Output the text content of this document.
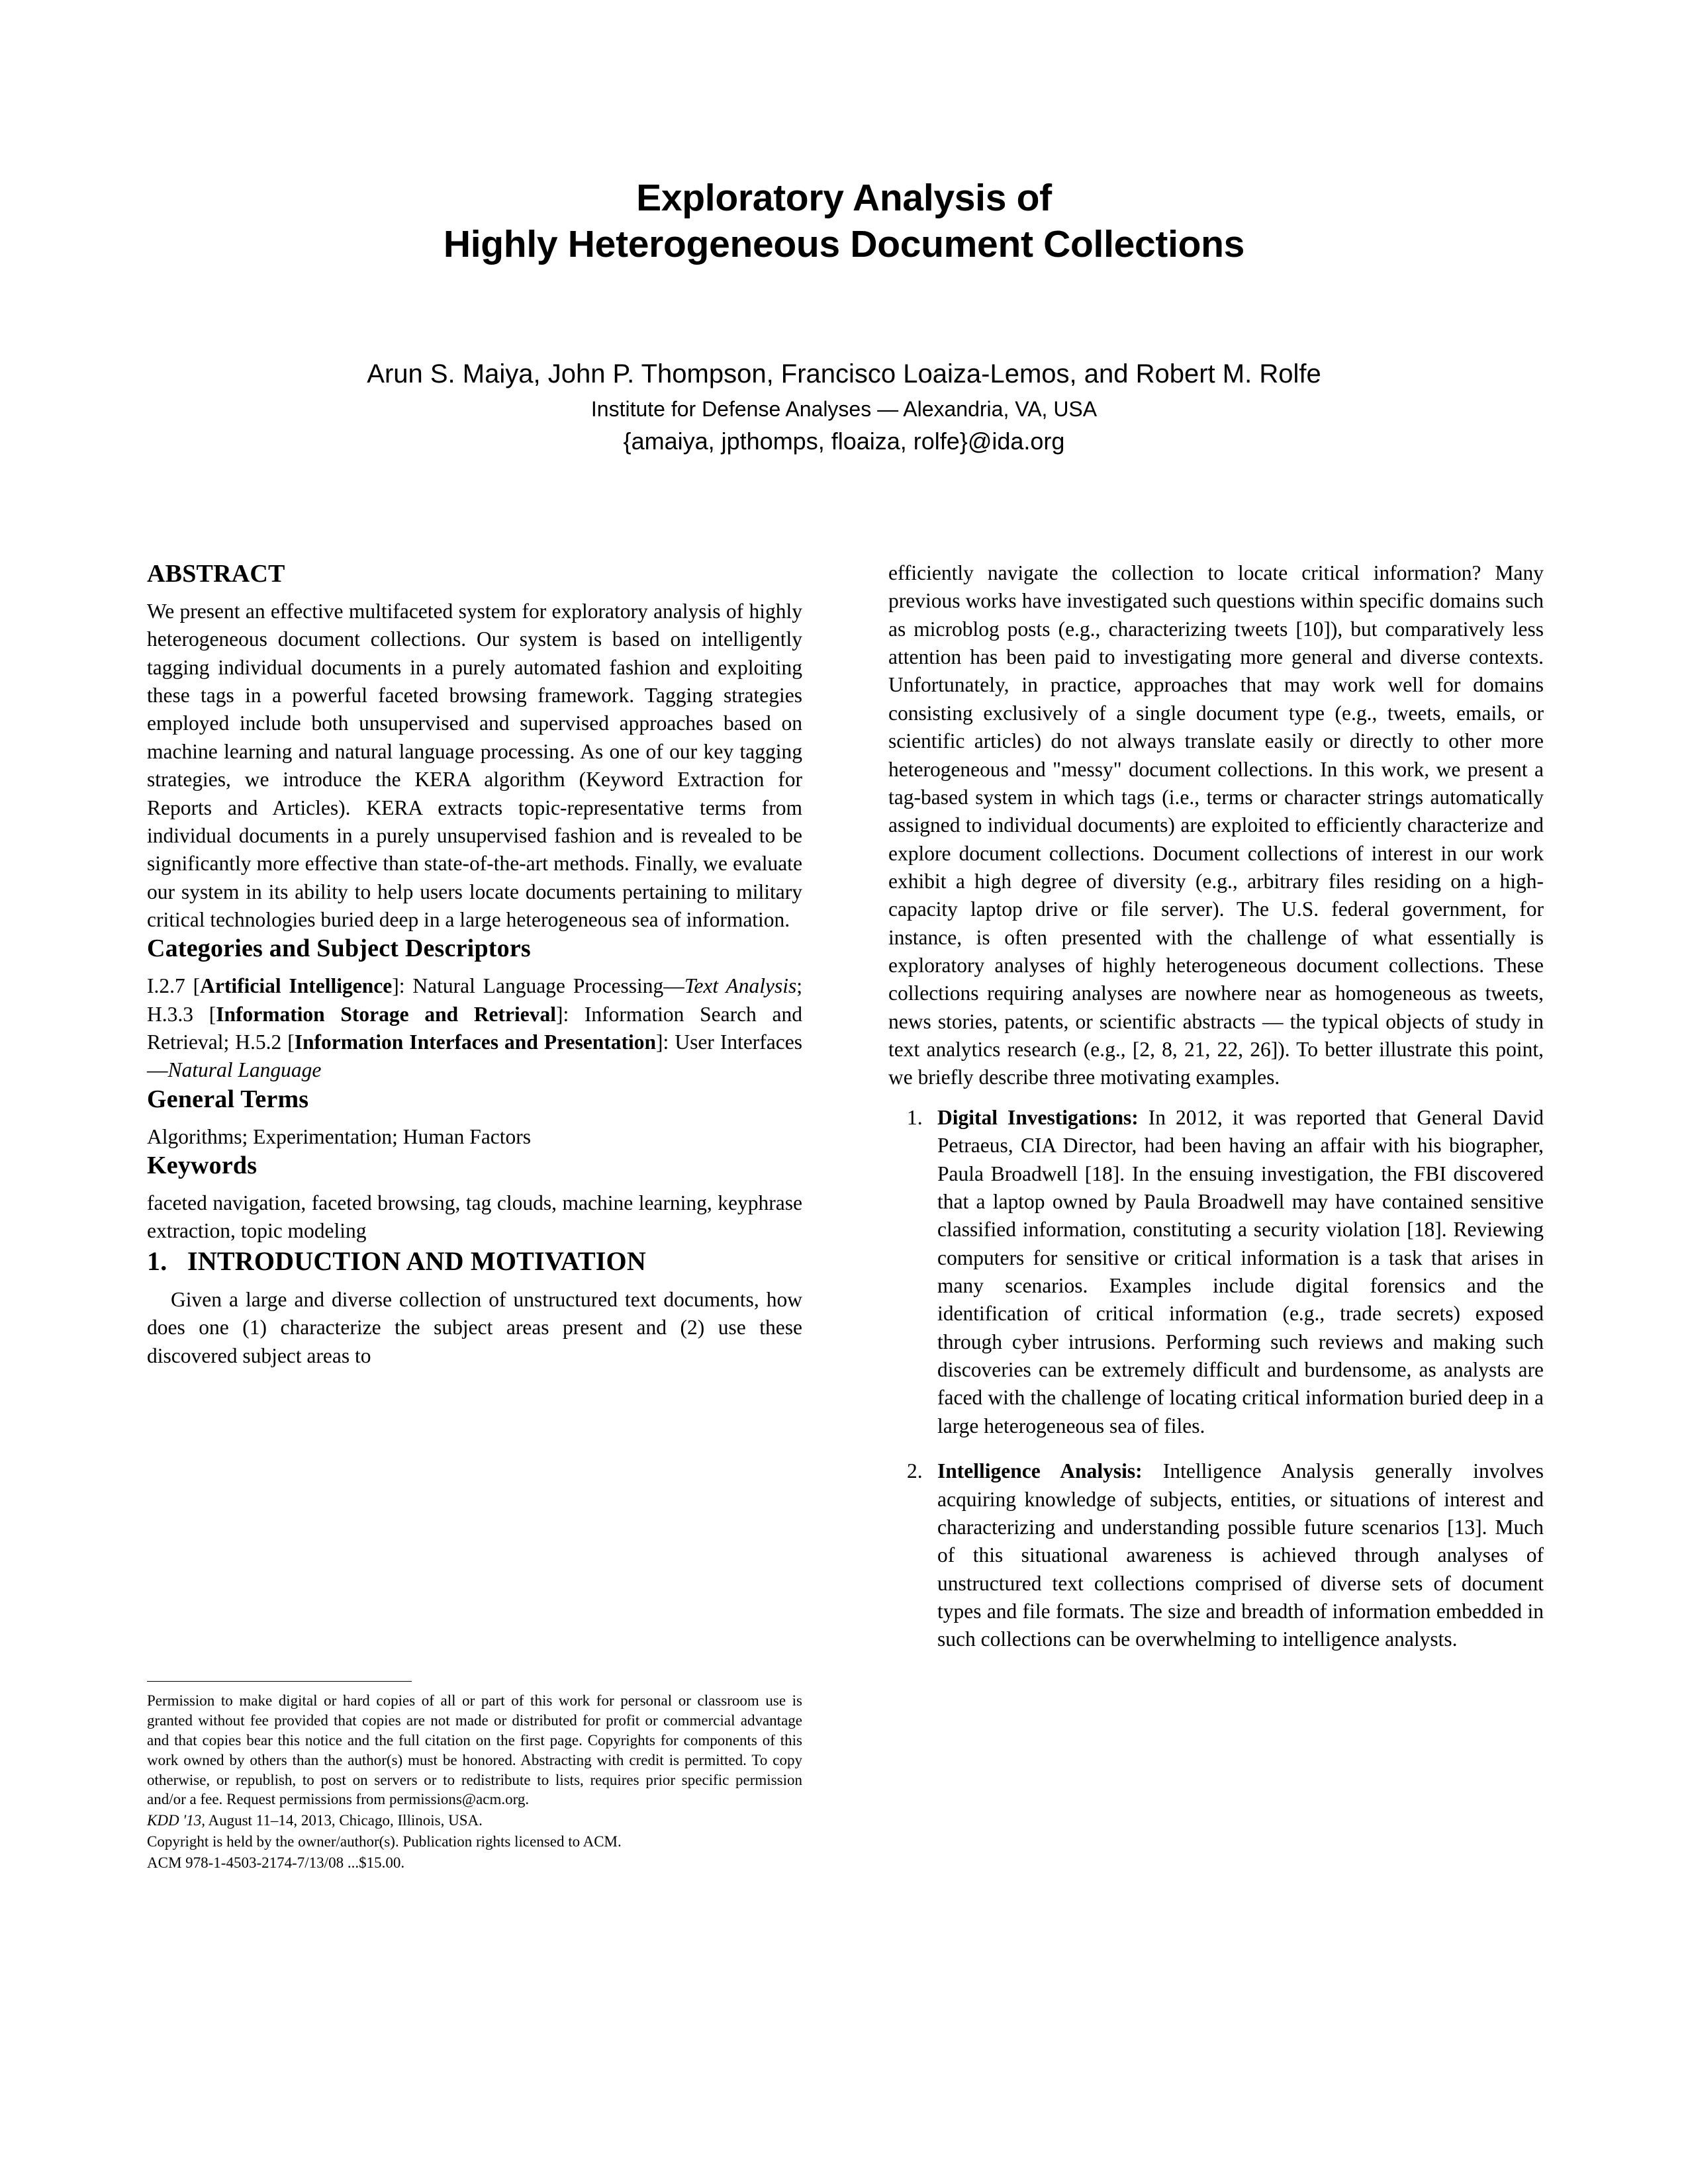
Exploratory Analysis of
Highly Heterogeneous Document Collections
Arun S. Maiya, John P. Thompson, Francisco Loaiza-Lemos, and Robert M. Rolfe
Institute for Defense Analyses — Alexandria, VA, USA
{amaiya, jpthomps, floaiza, rolfe}@ida.org
ABSTRACT

We present an effective multifaceted system for exploratory analysis of highly heterogeneous document collections. Our system is based on intelligently tagging individual documents in a purely automated fashion and exploiting these tags in a powerful faceted browsing framework. Tagging strategies employed include both unsupervised and supervised approaches based on machine learning and natural language processing. As one of our key tagging strategies, we introduce the KERA algorithm (Keyword Extraction for Reports and Articles). KERA extracts topic-representative terms from individual documents in a purely unsupervised fashion and is revealed to be significantly more effective than state-of-the-art methods. Finally, we evaluate our system in its ability to help users locate documents pertaining to military critical technologies buried deep in a large heterogeneous sea of information.

Categories and Subject Descriptors

I.2.7 [Artificial Intelligence]: Natural Language Processing—Text Analysis; H.3.3 [Information Storage and Retrieval]: Information Search and Retrieval; H.5.2 [Information Interfaces and Presentation]: User Interfaces—Natural Language

General Terms

Algorithms; Experimentation; Human Factors

Keywords

faceted navigation, faceted browsing, tag clouds, machine learning, keyphrase extraction, topic modeling

1. INTRODUCTION AND MOTIVATION

Given a large and diverse collection of unstructured text documents, how does one (1) characterize the subject areas present and (2) use these discovered subject areas to

efficiently navigate the collection to locate critical information? Many previous works have investigated such questions within specific domains such as microblog posts (e.g., characterizing tweets [10]), but comparatively less attention has been paid to investigating more general and diverse contexts. Unfortunately, in practice, approaches that may work well for domains consisting exclusively of a single document type (e.g., tweets, emails, or scientific articles) do not always translate easily or directly to other more heterogeneous and "messy" document collections. In this work, we present a tag-based system in which tags (i.e., terms or character strings automatically assigned to individual documents) are exploited to efficiently characterize and explore document collections. Document collections of interest in our work exhibit a high degree of diversity (e.g., arbitrary files residing on a high-capacity laptop drive or file server). The U.S. federal government, for instance, is often presented with the challenge of what essentially is exploratory analyses of highly heterogeneous document collections. These collections requiring analyses are nowhere near as homogeneous as tweets, news stories, patents, or scientific abstracts — the typical objects of study in text analytics research (e.g., [2, 8, 21, 22, 26]). To better illustrate this point, we briefly describe three motivating examples.

Digital Investigations: In 2012, it was reported that General David Petraeus, CIA Director, had been having an affair with his biographer, Paula Broadwell [18]. In the ensuing investigation, the FBI discovered that a laptop owned by Paula Broadwell may have contained sensitive classified information, constituting a security violation [18]. Reviewing computers for sensitive or critical information is a task that arises in many scenarios. Examples include digital forensics and the identification of critical information (e.g., trade secrets) exposed through cyber intrusions. Performing such reviews and making such discoveries can be extremely difficult and burdensome, as analysts are faced with the challenge of locating critical information buried deep in a large heterogeneous sea of files.
Intelligence Analysis: Intelligence Analysis generally involves acquiring knowledge of subjects, entities, or situations of interest and characterizing and understanding possible future scenarios [13]. Much of this situational awareness is achieved through analyses of unstructured text collections comprised of diverse sets of document types and file formats. The size and breadth of information embedded in such collections can be overwhelming to intelligence analysts.

Permission to make digital or hard copies of all or part of this work for personal or classroom use is granted without fee provided that copies are not made or distributed for profit or commercial advantage and that copies bear this notice and the full citation on the first page. Copyrights for components of this work owned by others than the author(s) must be honored. Abstracting with credit is permitted. To copy otherwise, or republish, to post on servers or to redistribute to lists, requires prior specific permission and/or a fee. Request permissions from permissions@acm.org.

KDD '13, August 11–14, 2013, Chicago, Illinois, USA.

Copyright is held by the owner/author(s). Publication rights licensed to ACM.

ACM 978-1-4503-2174-7/13/08 ...$15.00.
